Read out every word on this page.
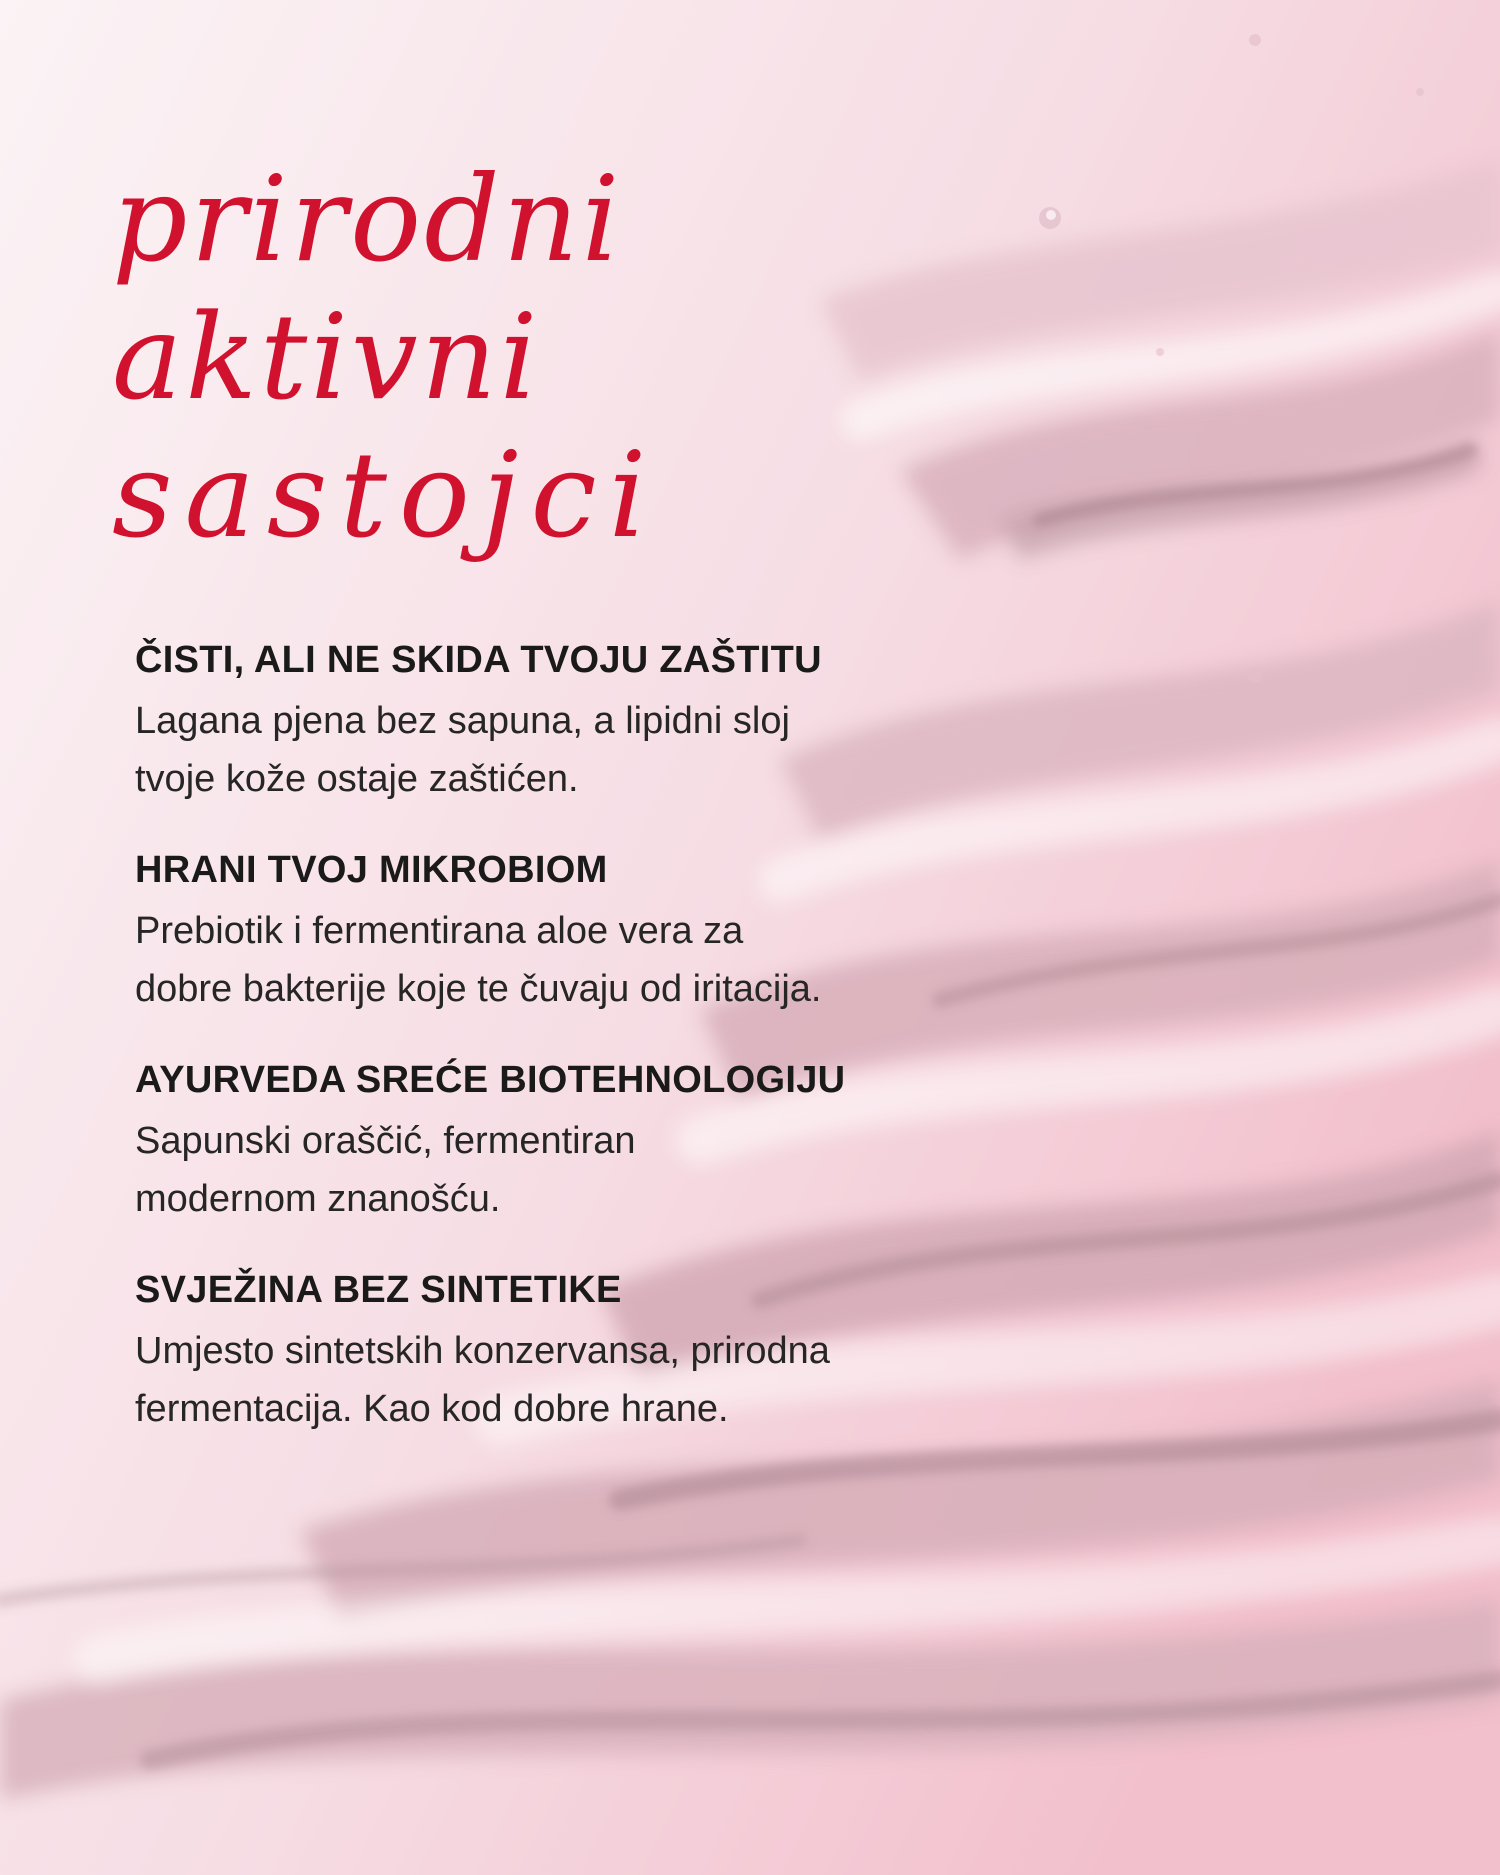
prirodni
aktivni
sastojci
ČISTI, ALI NE SKIDA TVOJU ZAŠTITU

Lagana pjena bez sapuna, a lipidni sloj
tvoje kože ostaje zaštićen.

HRANI TVOJ MIKROBIOM

Prebiotik i fermentirana aloe vera za
dobre bakterije koje te čuvaju od iritacija.

AYURVEDA SREĆE BIOTEHNOLOGIJU

Sapunski oraščić, fermentiran
modernom znanošću.

SVJEŽINA BEZ SINTETIKE

Umjesto sintetskih konzervansa, prirodna
fermentacija. Kao kod dobre hrane.
